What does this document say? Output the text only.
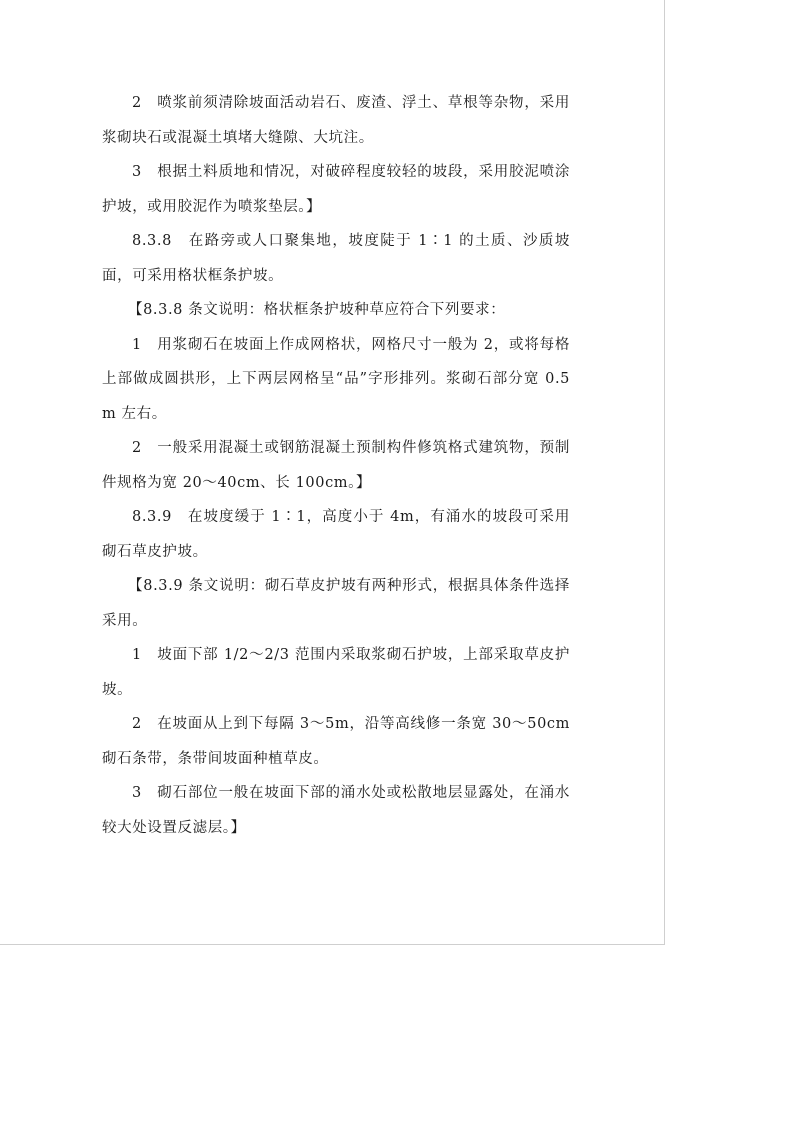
2　喷浆前须清除坡面活动岩石、废渣、浮土、草根等杂物，采用浆砌块石或混凝土填堵大缝隙、大坑注。

3　根据土料质地和情况，对破碎程度较轻的坡段，采用胶泥喷涂护坡，或用胶泥作为喷浆垫层。】

8.3.8　在路旁或人口聚集地，坡度陡于 1∶1 的土质、沙质坡面，可采用格状框条护坡。

【8.3.8 条文说明：格状框条护坡种草应符合下列要求：

1　用浆砌石在坡面上作成网格状，网格尺寸一般为 2，或将每格上部做成圆拱形，上下两层网格呈“品”字形排列。浆砌石部分宽 0.5m 左右。

2　一般采用混凝土或钢筋混凝土预制构件修筑格式建筑物，预制件规格为宽 20～40cm、长 100cm。】

8.3.9　在坡度缓于 1∶1，高度小于 4m，有涌水的坡段可采用砌石草皮护坡。

【8.3.9 条文说明：砌石草皮护坡有两种形式，根据具体条件选择采用。

1　坡面下部 1/2～2/3 范围内采取浆砌石护坡，上部采取草皮护坡。

2　在坡面从上到下每隔 3～5m，沿等高线修一条宽 30～50cm 砌石条带，条带间坡面种植草皮。

3　砌石部位一般在坡面下部的涌水处或松散地层显露处，在涌水较大处设置反滤层。】
